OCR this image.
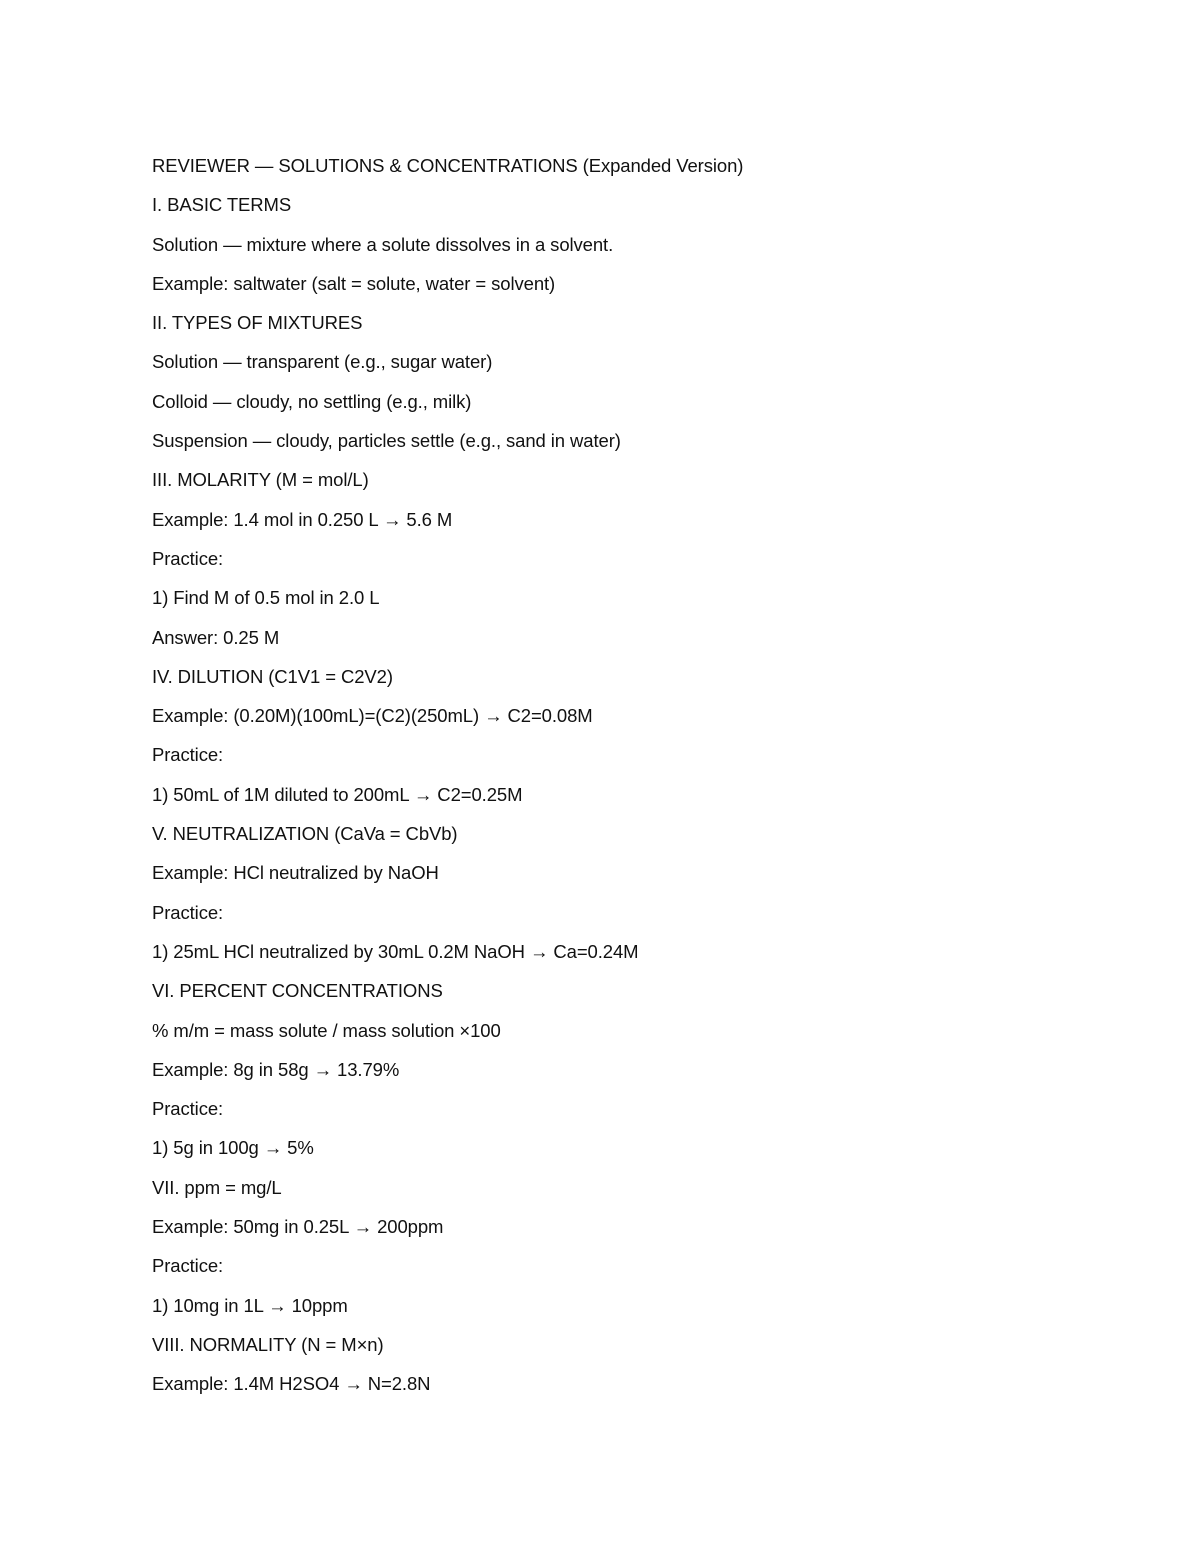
REVIEWER — SOLUTIONS & CONCENTRATIONS (Expanded Version)
I. BASIC TERMS
Solution — mixture where a solute dissolves in a solvent.
Example: saltwater (salt = solute, water = solvent)
II. TYPES OF MIXTURES
Solution — transparent (e.g., sugar water)
Colloid — cloudy, no settling (e.g., milk)
Suspension — cloudy, particles settle (e.g., sand in water)
III. MOLARITY (M = mol/L)
Example: 1.4 mol in 0.250 L → 5.6 M
Practice:
1) Find M of 0.5 mol in 2.0 L
Answer: 0.25 M
IV. DILUTION (C1V1 = C2V2)
Example: (0.20M)(100mL)=(C2)(250mL) → C2=0.08M
Practice:
1) 50mL of 1M diluted to 200mL → C2=0.25M
V. NEUTRALIZATION (CaVa = CbVb)
Example: HCl neutralized by NaOH
Practice:
1) 25mL HCl neutralized by 30mL 0.2M NaOH → Ca=0.24M
VI. PERCENT CONCENTRATIONS
% m/m = mass solute / mass solution ×100
Example: 8g in 58g → 13.79%
Practice:
1) 5g in 100g → 5%
VII. ppm = mg/L
Example: 50mg in 0.25L → 200ppm
Practice:
1) 10mg in 1L → 10ppm
VIII. NORMALITY (N = M×n)
Example: 1.4M H2SO4 → N=2.8N
